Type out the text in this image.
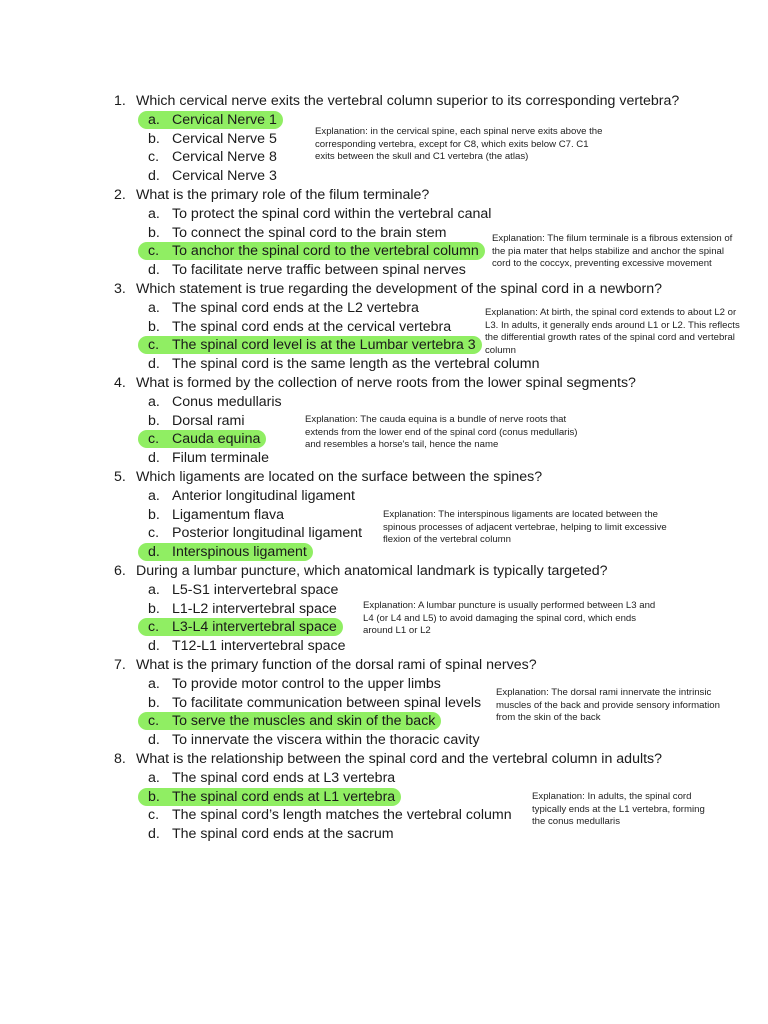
1. Which cervical nerve exits the vertebral column superior to its corresponding vertebra?
a. Cervical Nerve 1
b. Cervical Nerve 5
c. Cervical Nerve 8
d. Cervical Nerve 3
Explanation: in the cervical spine, each spinal nerve exits above the
corresponding vertebra, except for C8, which exits below C7. C1
exits between the skull and C1 vertebra (the atlas)
2. What is the primary role of the filum terminale?
a. To protect the spinal cord within the vertebral canal
b. To connect the spinal cord to the brain stem
c. To anchor the spinal cord to the vertebral column
d. To facilitate nerve traffic between spinal nerves
Explanation: The filum terminale is a fibrous extension of
the pia mater that helps stabilize and anchor the spinal
cord to the coccyx, preventing excessive movement
3. Which statement is true regarding the development of the spinal cord in a newborn?
a. The spinal cord ends at the L2 vertebra
b. The spinal cord ends at the cervical vertebra
c. The spinal cord level is at the Lumbar vertebra 3
d. The spinal cord is the same length as the vertebral column
Explanation: At birth, the spinal cord extends to about L2 or
L3. In adults, it generally ends around L1 or L2. This reflects
the differential growth rates of the spinal cord and vertebral
column
4. What is formed by the collection of nerve roots from the lower spinal segments?
a. Conus medullaris
b. Dorsal rami
c. Cauda equina
d. Filum terminale
Explanation: The cauda equina is a bundle of nerve roots that
extends from the lower end of the spinal cord (conus medullaris)
and resembles a horse's tail, hence the name
5. Which ligaments are located on the surface between the spines?
a. Anterior longitudinal ligament
b. Ligamentum flava
c. Posterior longitudinal ligament
d. Interspinous ligament
Explanation: The interspinous ligaments are located between the
spinous processes of adjacent vertebrae, helping to limit excessive
flexion of the vertebral column
6. During a lumbar puncture, which anatomical landmark is typically targeted?
a. L5-S1 intervertebral space
b. L1-L2 intervertebral space
c. L3-L4 intervertebral space
d. T12-L1 intervertebral space
Explanation: A lumbar puncture is usually performed between L3 and
L4 (or L4 and L5) to avoid damaging the spinal cord, which ends
around L1 or L2
7. What is the primary function of the dorsal rami of spinal nerves?
a. To provide motor control to the upper limbs
b. To facilitate communication between spinal levels
c. To serve the muscles and skin of the back
d. To innervate the viscera within the thoracic cavity
Explanation: The dorsal rami innervate the intrinsic
muscles of the back and provide sensory information
from the skin of the back
8. What is the relationship between the spinal cord and the vertebral column in adults?
a. The spinal cord ends at L3 vertebra
b. The spinal cord ends at L1 vertebra
c. The spinal cord’s length matches the vertebral column
d. The spinal cord ends at the sacrum
Explanation: In adults, the spinal cord
typically ends at the L1 vertebra, forming
the conus medullaris
